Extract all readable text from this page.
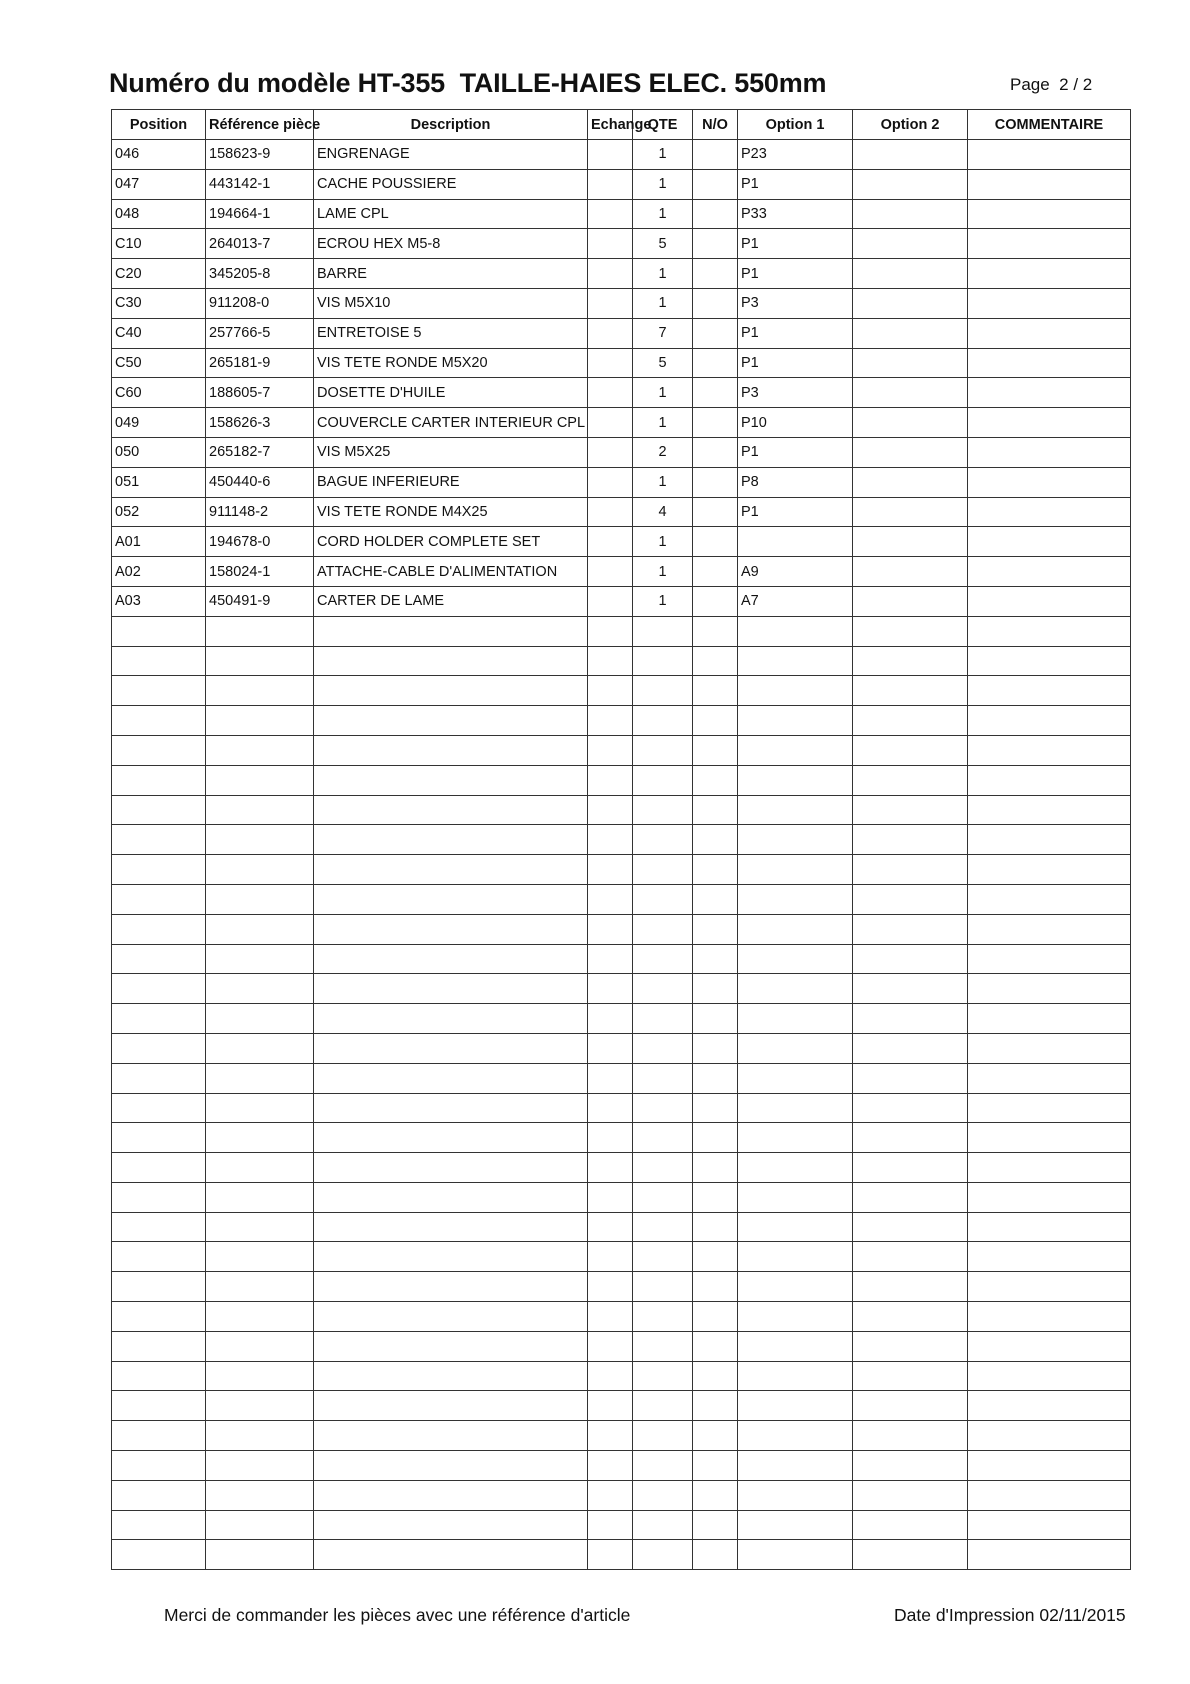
Numéro du modèle HT-355  TAILLE-HAIES ELEC. 550mm	Page  2 / 2
Position	Référence pièce	Description	Echange	QTE	N/O	Option 1	Option 2	COMMENTAIRE
046	158623-9	ENGRENAGE		1		P23		
047	443142-1	CACHE POUSSIERE		1		P1		
048	194664-1	LAME CPL		1		P33		
C10	264013-7	ECROU HEX M5-8		5		P1		
C20	345205-8	BARRE		1		P1		
C30	911208-0	VIS M5X10		1		P3		
C40	257766-5	ENTRETOISE 5		7		P1		
C50	265181-9	VIS TETE RONDE M5X20		5		P1		
C60	188605-7	DOSETTE D'HUILE		1		P3		
049	158626-3	COUVERCLE CARTER INTERIEUR CPL		1		P10		
050	265182-7	VIS M5X25		2		P1		
051	450440-6	BAGUE INFERIEURE		1		P8		
052	911148-2	VIS TETE RONDE M4X25		4		P1		
A01	194678-0	CORD HOLDER COMPLETE SET		1				
A02	158024-1	ATTACHE-CABLE D'ALIMENTATION		1		A9		
A03	450491-9	CARTER DE LAME		1		A7		

Merci de commander les pièces avec une référence d'article	Date d'Impression 02/11/2015
